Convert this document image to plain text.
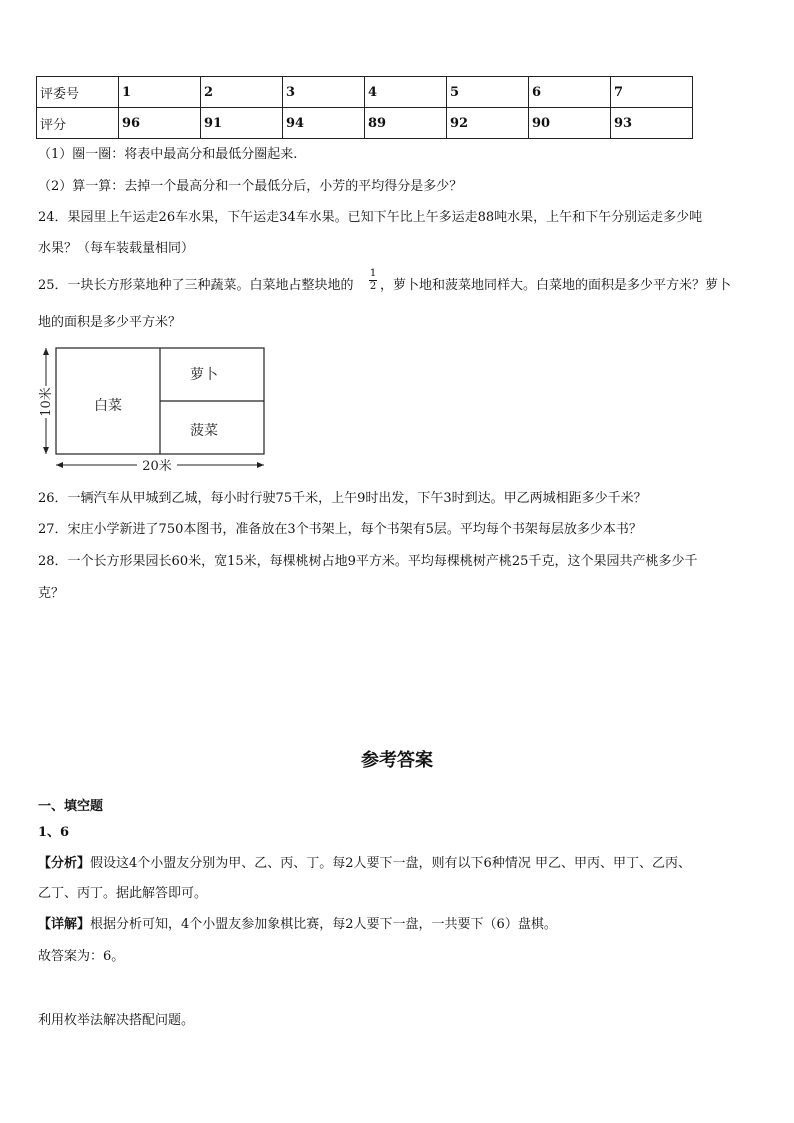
评委号	1	2	3	4	5	6	7
评分	96	91	94	89	92	90	93
（1）圈一圈：将表中最高分和最低分圈起来.
（2）算一算：去掉一个最高分和一个最低分后，小芳的平均得分是多少？
24．果园里上午运走26车水果，下午运走34车水果。已知下午比上午多运走88吨水果，上午和下午分别运走多少吨
水果？（每车装载量相同）
25．一块长方形菜地种了三种蔬菜。白菜地占整块地的 $\frac{1}{2}$ ，萝卜地和菠菜地同样大。白菜地的面积是多少平方米？萝卜
地的面积是多少平方米？
白菜
萝卜
菠菜
10米
20米
26．一辆汽车从甲城到乙城，每小时行驶75千米，上午9时出发，下午3时到达。甲乙两城相距多少千米？
27．宋庄小学新进了750本图书，准备放在3个书架上，每个书架有5层。平均每个书架每层放多少本书？
28．一个长方形果园长60米，宽15米，每棵桃树占地9平方米。平均每棵桃树产桃25千克，这个果园共产桃多少千
克？
参考答案
一、填空题
1、6
【分析】假设这4个小盟友分别为甲、乙、丙、丁。每2人要下一盘，则有以下6种情况 甲乙、甲丙、甲丁、乙丙、
乙丁、丙丁。据此解答即可。
【详解】根据分析可知，4个小盟友参加象棋比赛，每2人要下一盘，一共要下（6）盘棋。
故答案为：6。
利用枚举法解决搭配问题。
